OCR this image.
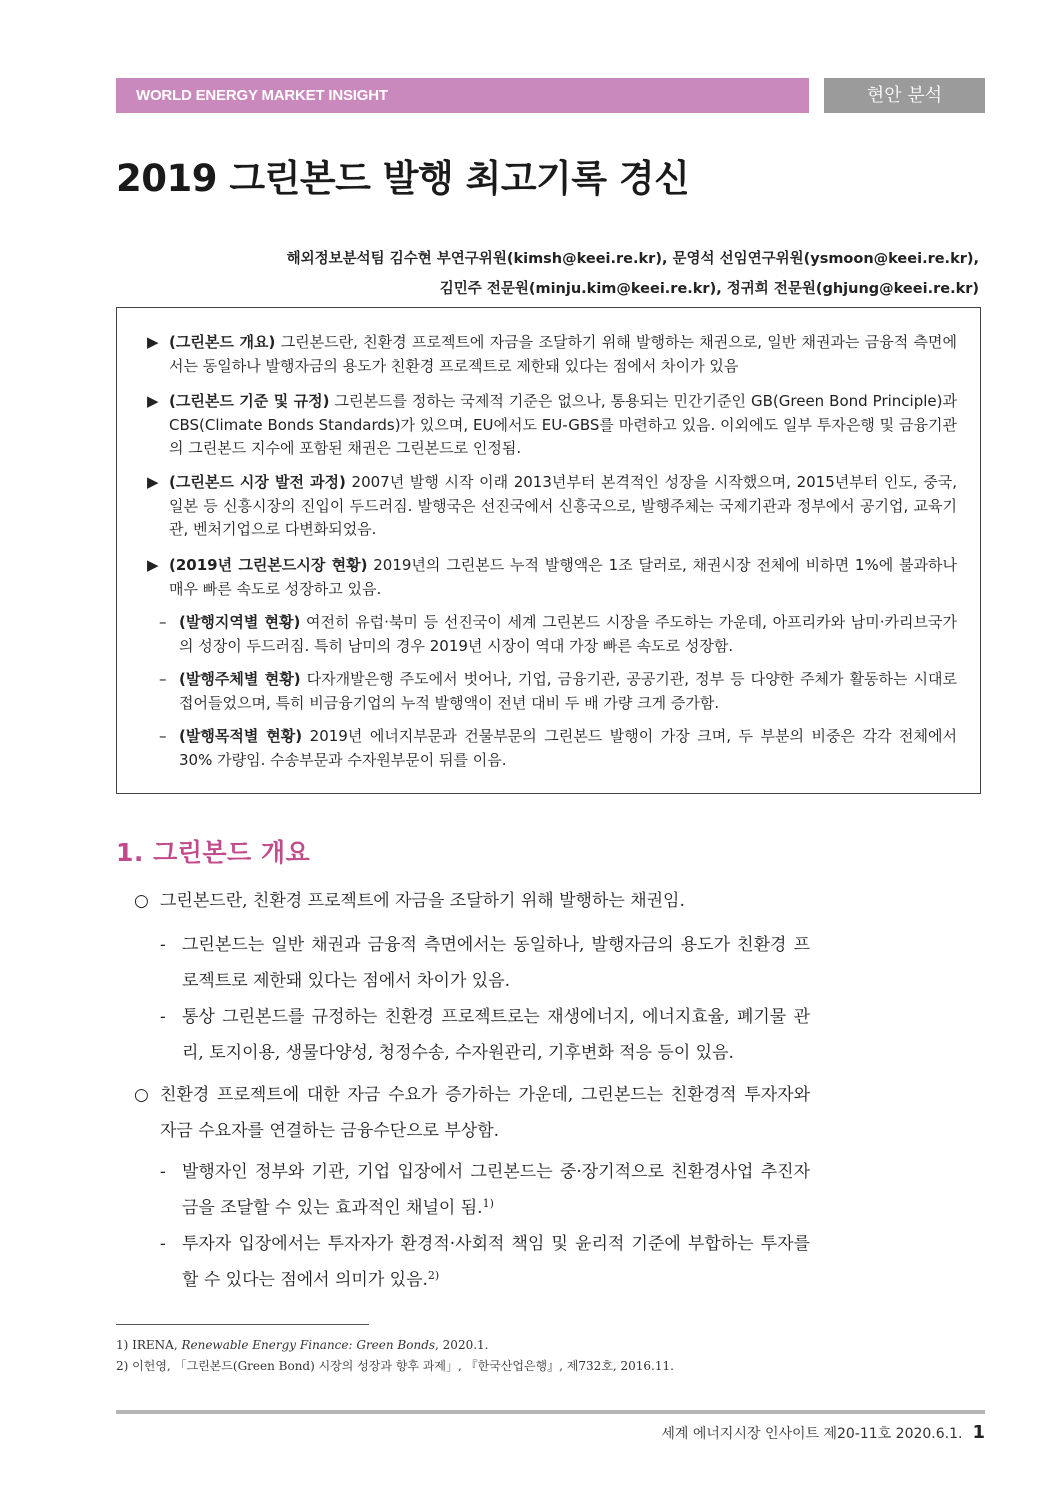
WORLD ENERGY MARKET INSIGHT	현안 분석
2019 그린본드 발행 최고기록 경신
해외정보분석팀 김수현 부연구위원(kimsh@keei.re.kr), 문영석 선임연구위원(ysmoon@keei.re.kr),
김민주 전문원(minju.kim@keei.re.kr), 정귀희 전문원(ghjung@keei.re.kr)
▶ (그린본드 개요) 그린본드란, 친환경 프로젝트에 자금을 조달하기 위해 발행하는 채권으로, 일반 채권과는 금융적 측면에서는 동일하나 발행자금의 용도가 친환경 프로젝트로 제한돼 있다는 점에서 차이가 있음
▶ (그린본드 기준 및 규정) 그린본드를 정하는 국제적 기준은 없으나, 통용되는 민간기준인 GB(Green Bond Principle)과 CBS(Climate Bonds Standards)가 있으며, EU에서도 EU-GBS를 마련하고 있음. 이외에도 일부 투자은행 및 금융기관의 그린본드 지수에 포함된 채권은 그린본드로 인정됨.
▶ (그린본드 시장 발전 과정) 2007년 발행 시작 이래 2013년부터 본격적인 성장을 시작했으며, 2015년부터 인도, 중국, 일본 등 신흥시장의 진입이 두드러짐. 발행국은 선진국에서 신흥국으로, 발행주체는 국제기관과 정부에서 공기업, 교육기관, 벤처기업으로 다변화되었음.
▶ (2019년 그린본드시장 현황) 2019년의 그린본드 누적 발행액은 1조 달러로, 채권시장 전체에 비하면 1%에 불과하나 매우 빠른 속도로 성장하고 있음.
– (발행지역별 현황) 여전히 유럽·북미 등 선진국이 세계 그린본드 시장을 주도하는 가운데, 아프리카와 남미·카리브국가의 성장이 두드러짐. 특히 남미의 경우 2019년 시장이 역대 가장 빠른 속도로 성장함.
– (발행주체별 현황) 다자개발은행 주도에서 벗어나, 기업, 금융기관, 공공기관, 정부 등 다양한 주체가 활동하는 시대로 접어들었으며, 특히 비금융기업의 누적 발행액이 전년 대비 두 배 가량 크게 증가함.
– (발행목적별 현황) 2019년 에너지부문과 건물부문의 그린본드 발행이 가장 크며, 두 부분의 비중은 각각 전체에서 30% 가량임. 수송부문과 수자원부문이 뒤를 이음.
1. 그린본드 개요
○ 그린본드란, 친환경 프로젝트에 자금을 조달하기 위해 발행하는 채권임.
- 그린본드는 일반 채권과 금융적 측면에서는 동일하나, 발행자금의 용도가 친환경 프로젝트로 제한돼 있다는 점에서 차이가 있음.
- 통상 그린본드를 규정하는 친환경 프로젝트로는 재생에너지, 에너지효율, 폐기물 관리, 토지이용, 생물다양성, 청정수송, 수자원관리, 기후변화 적응 등이 있음.
○ 친환경 프로젝트에 대한 자금 수요가 증가하는 가운데, 그린본드는 친환경적 투자자와 자금 수요자를 연결하는 금융수단으로 부상함.
- 발행자인 정부와 기관, 기업 입장에서 그린본드는 중·장기적으로 친환경사업 추진자금을 조달할 수 있는 효과적인 채널이 됨.$^{1)}$
- 투자자 입장에서는 투자자가 환경적·사회적 책임 및 윤리적 기준에 부합하는 투자를 할 수 있다는 점에서 의미가 있음.$^{2)}$
1) IRENA, Renewable Energy Finance: Green Bonds, 2020.1.
2) 이헌영, 「그린본드(Green Bond) 시장의 성장과 향후 과제」, 『한국산업은행』, 제732호, 2016.11.
세계 에너지시장 인사이트 제20-11호 2020.6.1. 1
